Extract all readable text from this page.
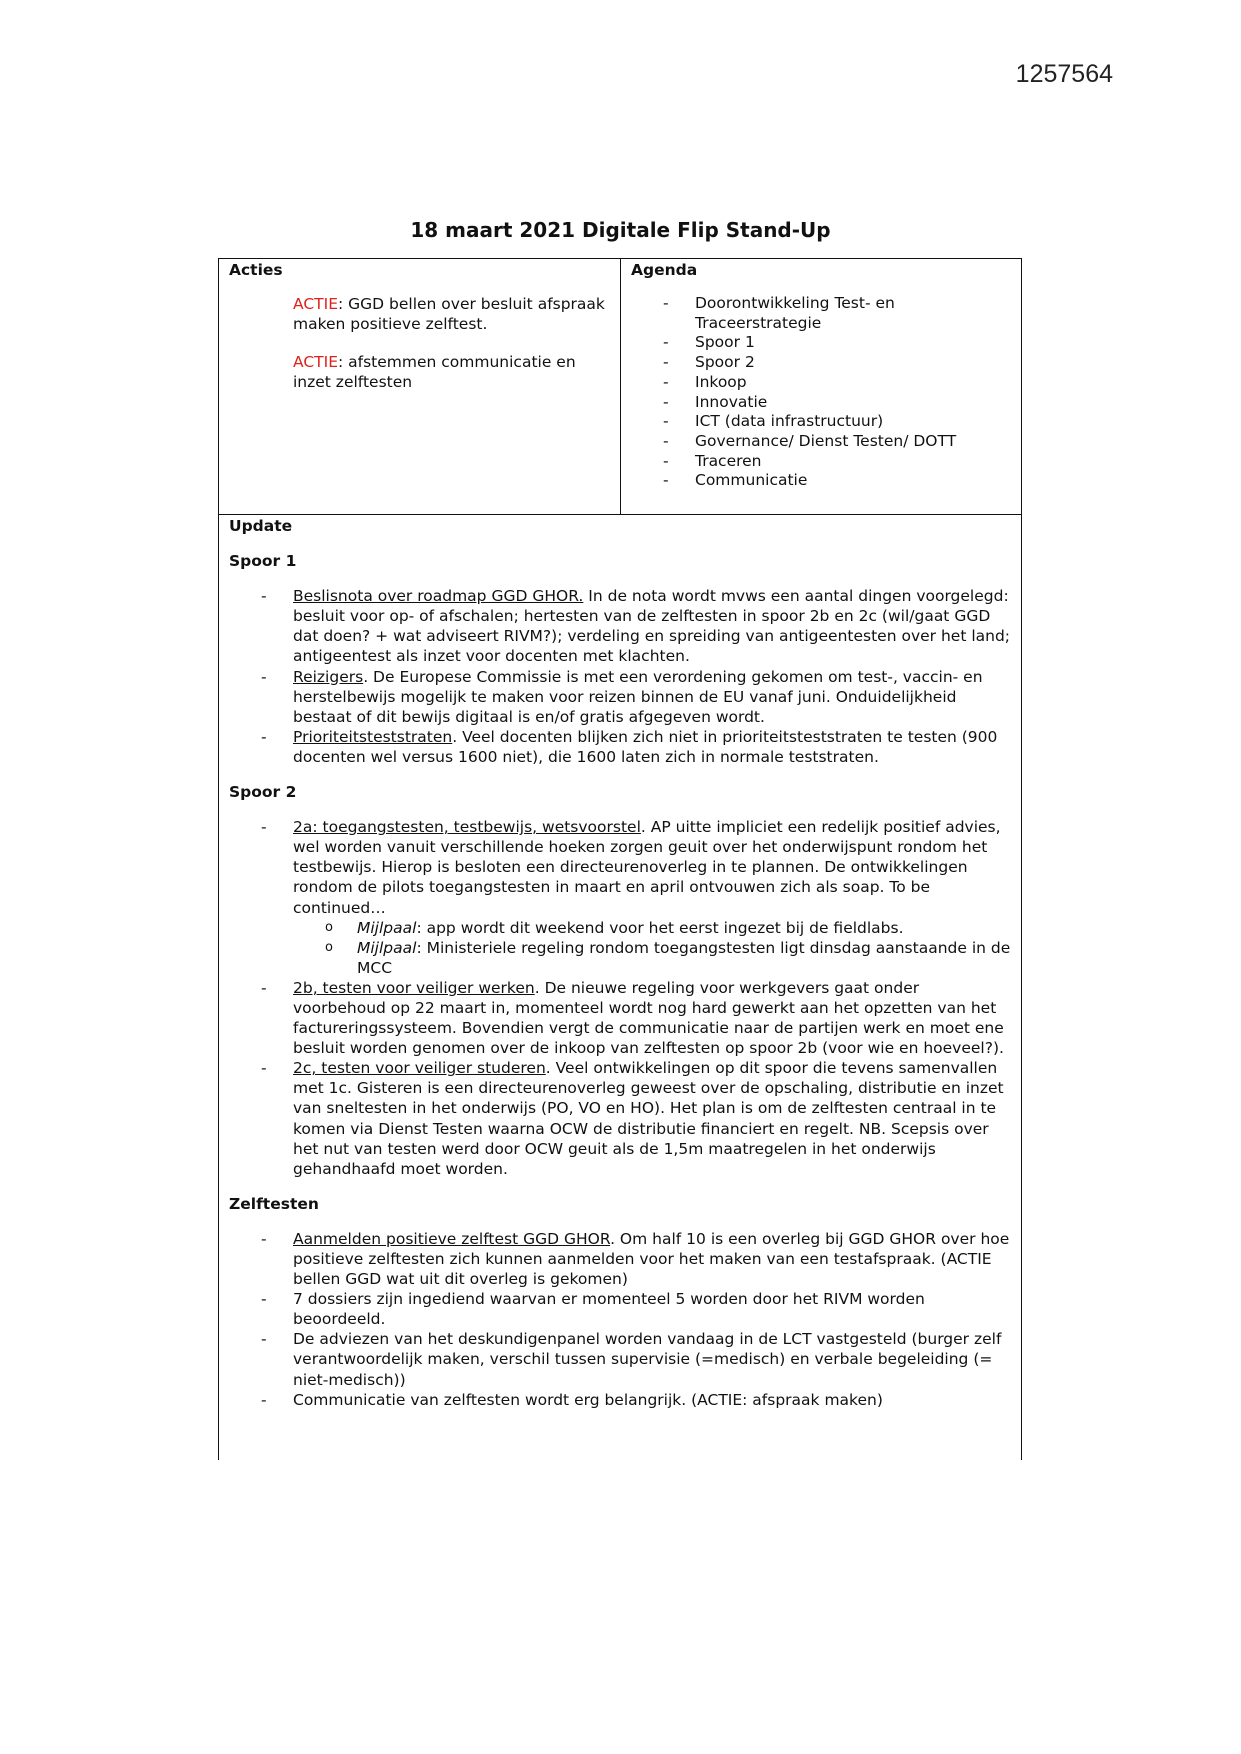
1257564
18 maart 2021 Digitale Flip Stand-Up
Acties
ACTIE: GGD bellen over besluit afspraak maken positieve zelftest.
ACTIE: afstemmen communicatie en inzet zelftesten
Agenda
- Doorontwikkeling Test- en Traceerstrategie
- Spoor 1
- Spoor 2
- Inkoop
- Innovatie
- ICT (data infrastructuur)
- Governance/ Dienst Testen/ DOTT
- Traceren
- Communicatie

Update

Spoor 1

- Beslisnota over roadmap GGD GHOR. In de nota wordt mvws een aantal dingen voorgelegd: besluit voor op- of afschalen; hertesten van de zelftesten in spoor 2b en 2c (wil/gaat GGD dat doen? + wat adviseert RIVM?); verdeling en spreiding van antigeentesten over het land; antigeentest als inzet voor docenten met klachten.
- Reizigers. De Europese Commissie is met een verordening gekomen om test-, vaccin- en herstelbewijs mogelijk te maken voor reizen binnen de EU vanaf juni. Onduidelijkheid bestaat of dit bewijs digitaal is en/of gratis afgegeven wordt.
- Prioriteitsteststraten. Veel docenten blijken zich niet in prioriteitsteststraten te testen (900 docenten wel versus 1600 niet), die 1600 laten zich in normale teststraten.

Spoor 2

- 2a: toegangstesten, testbewijs, wetsvoorstel. AP uitte impliciet een redelijk positief advies, wel worden vanuit verschillende hoeken zorgen geuit over het onderwijspunt rondom het testbewijs. Hierop is besloten een directeurenoverleg in te plannen. De ontwikkelingen rondom de pilots toegangstesten in maart en april ontvouwen zich als soap. To be continued…
o Mijlpaal: app wordt dit weekend voor het eerst ingezet bij de fieldlabs.
o Mijlpaal: Ministeriele regeling rondom toegangstesten ligt dinsdag aanstaande in de MCC
- 2b, testen voor veiliger werken. De nieuwe regeling voor werkgevers gaat onder voorbehoud op 22 maart in, momenteel wordt nog hard gewerkt aan het opzetten van het factureringssysteem. Bovendien vergt de communicatie naar de partijen werk en moet ene besluit worden genomen over de inkoop van zelftesten op spoor 2b (voor wie en hoeveel?).
- 2c, testen voor veiliger studeren. Veel ontwikkelingen op dit spoor die tevens samenvallen met 1c. Gisteren is een directeurenoverleg geweest over de opschaling, distributie en inzet van sneltesten in het onderwijs (PO, VO en HO). Het plan is om de zelftesten centraal in te komen via Dienst Testen waarna OCW de distributie financiert en regelt. NB. Scepsis over het nut van testen werd door OCW geuit als de 1,5m maatregelen in het onderwijs gehandhaafd moet worden.

Zelftesten

- Aanmelden positieve zelftest GGD GHOR. Om half 10 is een overleg bij GGD GHOR over hoe positieve zelftesten zich kunnen aanmelden voor het maken van een testafspraak. (ACTIE bellen GGD wat uit dit overleg is gekomen)
- 7 dossiers zijn ingediend waarvan er momenteel 5 worden door het RIVM worden beoordeeld.
- De adviezen van het deskundigenpanel worden vandaag in de LCT vastgesteld (burger zelf verantwoordelijk maken, verschil tussen supervisie (=medisch) en verbale begeleiding (= niet-medisch))
- Communicatie van zelftesten wordt erg belangrijk. (ACTIE: afspraak maken)
